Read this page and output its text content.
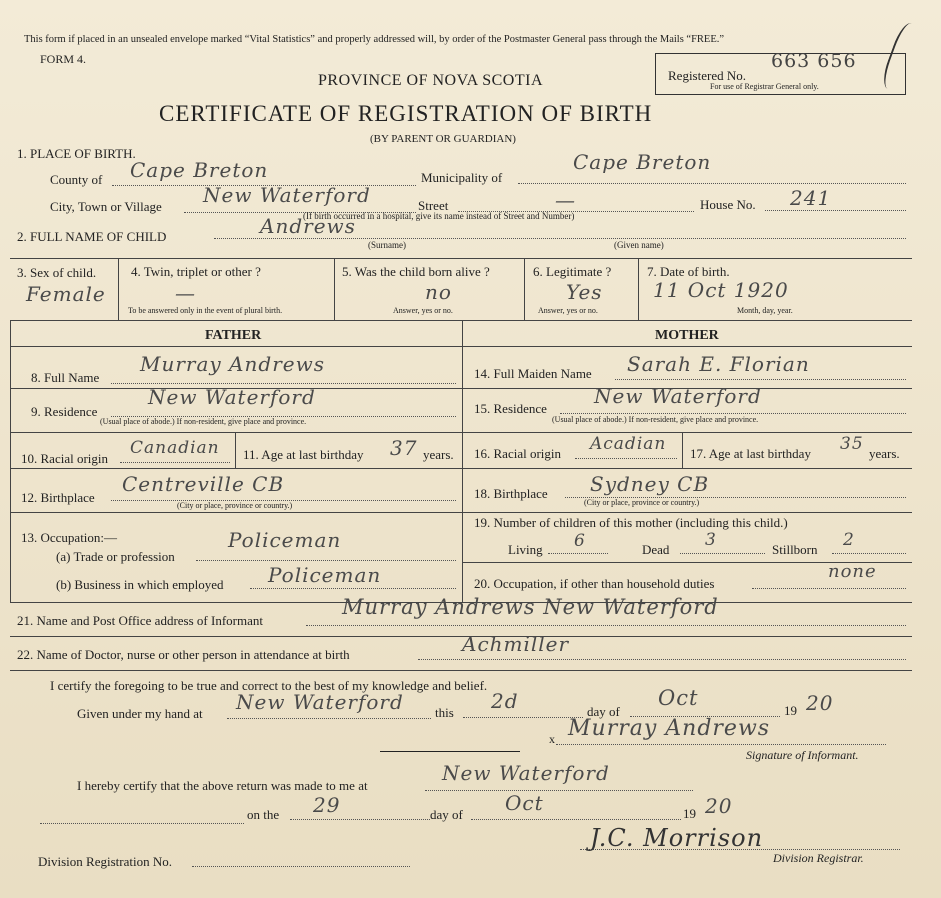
This form if placed in an unsealed envelope marked “Vital Statistics” and properly addressed will, by order of the Postmaster General pass through the Mails “FREE.”
FORM 4.
PROVINCE OF NOVA SCOTIA
CERTIFICATE OF REGISTRATION OF BIRTH
(BY PARENT OR GUARDIAN)
Registered No.
663 656
For use of Registrar General only.
1. PLACE OF BIRTH.
County of Cape Breton	Municipality of
Cape Breton
City, Town or Village New Waterford	Street	—	House No. 241
(If birth occurred in a hospital, give its name instead of Street and Number)
2. FULL NAME OF CHILD	Andrews
(Surname)	(Given name)
3. Sex of child.
Female
4. Twin, triplet or other ?
—
To be answered only in the event of plural birth.
5. Was the child born alive ?
no
Answer, yes or no.
6. Legitimate ?
Yes
Answer, yes or no.
7. Date of birth.
11 Oct 1920
Month, day, year.
FATHER	MOTHER
8. Full Name
Murray Andrews
9. Residence
New Waterford
(Usual place of abode.) If non-resident, give place and province.
10. Racial origin
Canadian 11. Age at last birthday 37 years.
12. Birthplace
Centreville CB
(City or place, province or country.)
13. Occupation:—
(a) Trade or profession
Policeman
(b) Business in which employed Policeman
14. Full Maiden Name Sarah E. Florian
15. Residence
New Waterford
(Usual place of abode.) If non-resident, give place and province.
16. Racial origin Acadian 17. Age at last birthday 35 years.
18. Birthplace Sydney CB
(City or place, province or country.)
19. Number of children of this mother (including this child.)
Living 6	Dead 3	Stillborn 2
20. Occupation, if other than household duties
none
21. Name and Post Office address of Informant
Murray Andrews New Waterford
22. Name of Doctor, nurse or other person in attendance at birth	Achmiller
I certify the foregoing to be true and correct to the best of my knowledge and belief.
Given under my hand at New Waterford this 2d	day of
Oct
19 20
x Murray Andrews
Signature of Informant.
I hereby certify that the above return was made to me at
New Waterford
on the 29	day of Oct	19 20
Division Registration No.
J.C. Morrison
Division Registrar.
